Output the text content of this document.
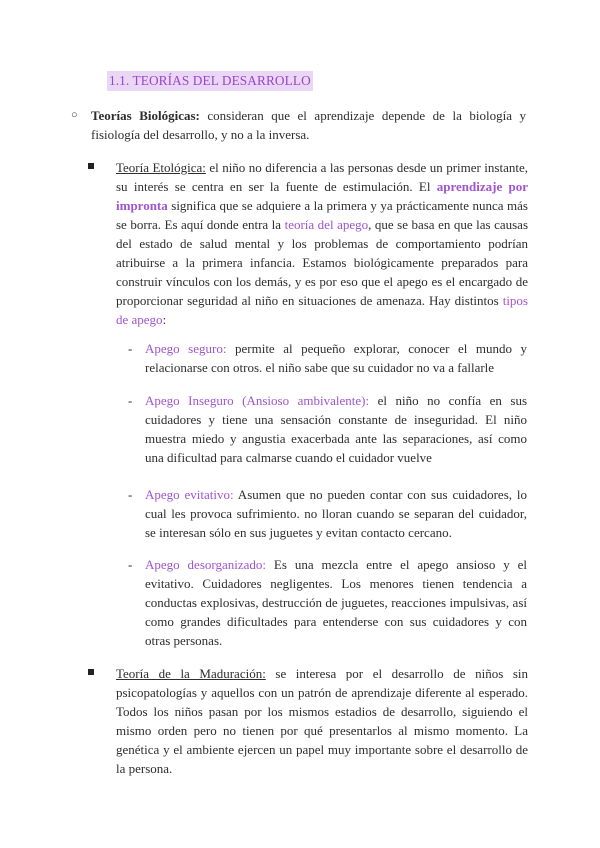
1.1. TEORÍAS DEL DESARROLLO
○ Teorías Biológicas: consideran que el aprendizaje depende de la biología y fisiología del desarrollo, y no a la inversa.
Teoría Etológica: el niño no diferencia a las personas desde un primer instante, su interés se centra en ser la fuente de estimulación. El aprendizaje por impronta significa que se adquiere a la primera y ya prácticamente nunca más se borra. Es aquí donde entra la teoría del apego, que se basa en que las causas del estado de salud mental y los problemas de comportamiento podrían atribuirse a la primera infancia. Estamos biológicamente preparados para construir vínculos con los demás, y es por eso que el apego es el encargado de proporcionar seguridad al niño en situaciones de amenaza. Hay distintos tipos de apego:
- Apego seguro: permite al pequeño explorar, conocer el mundo y relacionarse con otros. el niño sabe que su cuidador no va a fallarle
- Apego Inseguro (Ansioso ambivalente): el niño no confía en sus cuidadores y tiene una sensación constante de inseguridad. El niño muestra miedo y angustia exacerbada ante las separaciones, así como una dificultad para calmarse cuando el cuidador vuelve
- Apego evitativo: Asumen que no pueden contar con sus cuidadores, lo cual les provoca sufrimiento. no lloran cuando se separan del cuidador, se interesan sólo en sus juguetes y evitan contacto cercano.
- Apego desorganizado: Es una mezcla entre el apego ansioso y el evitativo. Cuidadores negligentes. Los menores tienen tendencia a conductas explosivas, destrucción de juguetes, reacciones impulsivas, así como grandes dificultades para entenderse con sus cuidadores y con otras personas.
Teoría de la Maduración: se interesa por el desarrollo de niños sin psicopatologías y aquellos con un patrón de aprendizaje diferente al esperado. Todos los niños pasan por los mismos estadios de desarrollo, siguiendo el mismo orden pero no tienen por qué presentarlos al mismo momento. La genética y el ambiente ejercen un papel muy importante sobre el desarrollo de la persona.
